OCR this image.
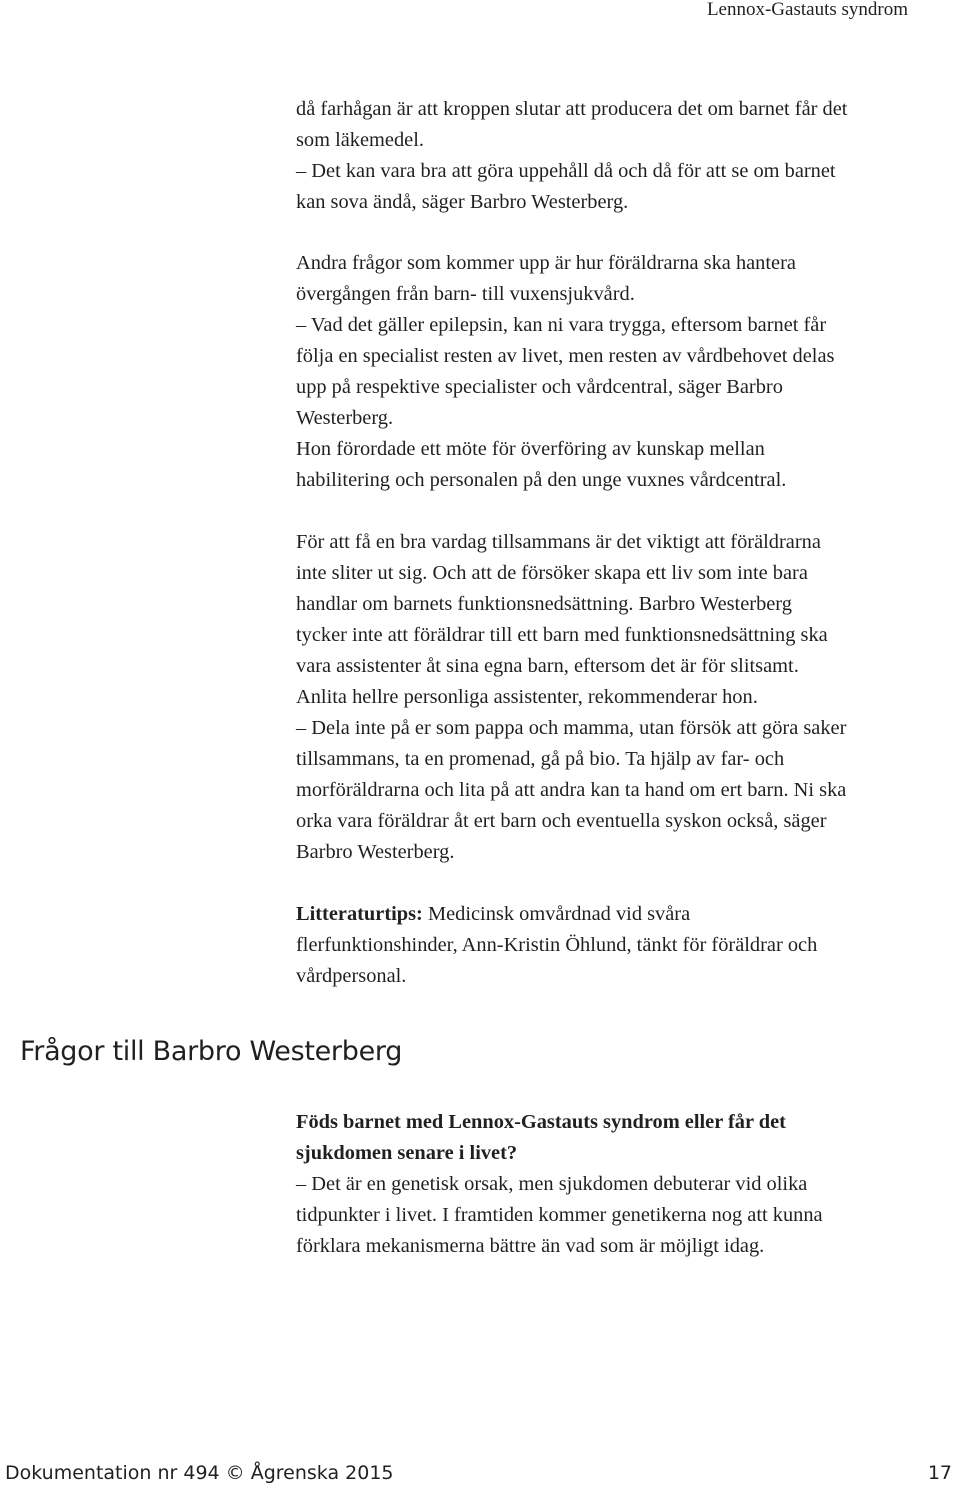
Lennox-Gastauts syndrom

då farhågan är att kroppen slutar att producera det om barnet får det

som läkemedel.

– Det kan vara bra att göra uppehåll då och då för att se om barnet

kan sova ändå, säger Barbro Westerberg.

Andra frågor som kommer upp är hur föräldrarna ska hantera

övergången från barn- till vuxensjukvård.

– Vad det gäller epilepsin, kan ni vara trygga, eftersom barnet får

följa en specialist resten av livet, men resten av vårdbehovet delas

upp på respektive specialister och vårdcentral, säger Barbro

Westerberg.

Hon förordade ett möte för överföring av kunskap mellan

habilitering och personalen på den unge vuxnes vårdcentral.

För att få en bra vardag tillsammans är det viktigt att föräldrarna

inte sliter ut sig. Och att de försöker skapa ett liv som inte bara

handlar om barnets funktionsnedsättning. Barbro Westerberg

tycker inte att föräldrar till ett barn med funktionsnedsättning ska

vara assistenter åt sina egna barn, eftersom det är för slitsamt.

Anlita hellre personliga assistenter, rekommenderar hon.

– Dela inte på er som pappa och mamma, utan försök att göra saker

tillsammans, ta en promenad, gå på bio. Ta hjälp av far- och

morföräldrarna och lita på att andra kan ta hand om ert barn. Ni ska

orka vara föräldrar åt ert barn och eventuella syskon också, säger

Barbro Westerberg.

Litteraturtips: Medicinsk omvårdnad vid svåra

flerfunktionshinder, Ann-Kristin Öhlund, tänkt för föräldrar och

vårdpersonal.

Frågor till Barbro Westerberg

Föds barnet med Lennox-Gastauts syndrom eller får det

sjukdomen senare i livet?

– Det är en genetisk orsak, men sjukdomen debuterar vid olika

tidpunkter i livet. I framtiden kommer genetikerna nog att kunna

förklara mekanismerna bättre än vad som är möjligt idag.

Dokumentation nr 494 © Ågrenska 2015	17
